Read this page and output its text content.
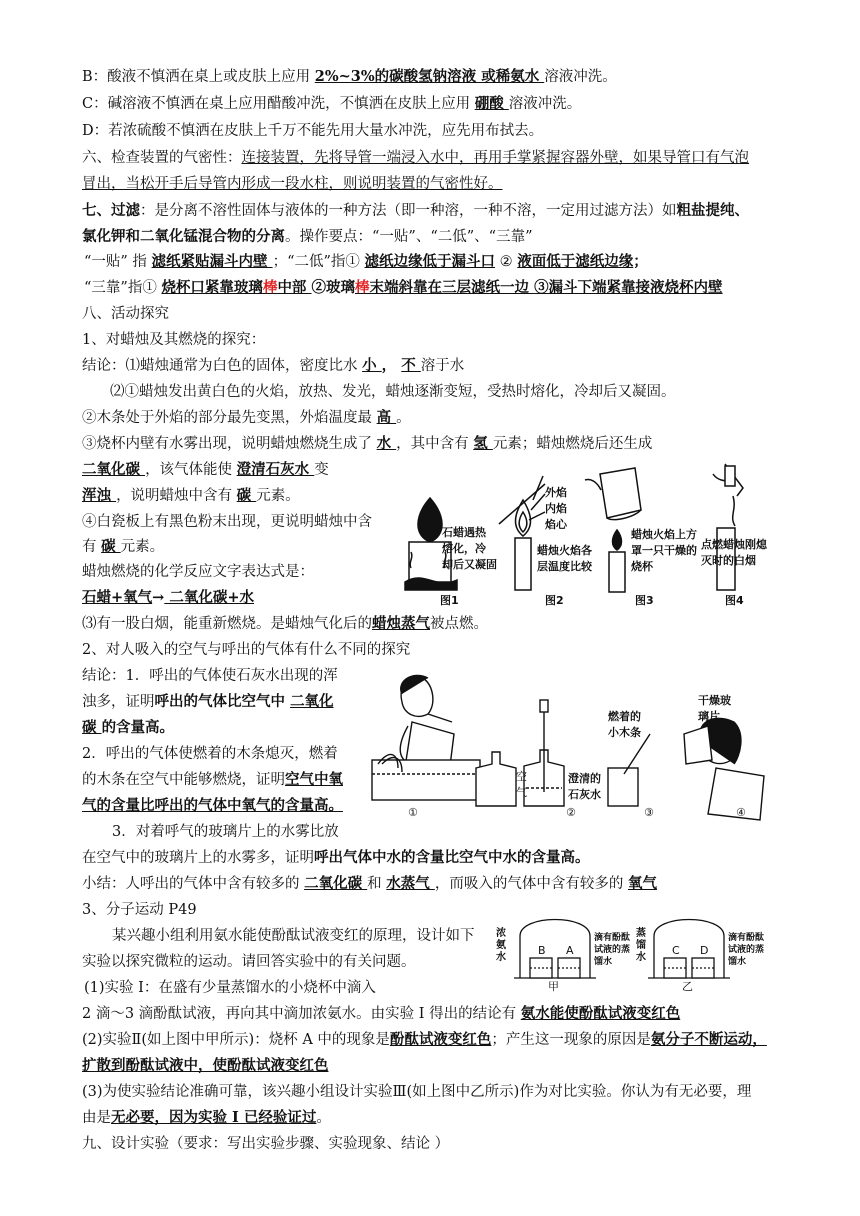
B：酸液不慎洒在桌上或皮肤上应用 2%~3%的碳酸氢钠溶液 或稀氨水 溶液冲洗。
C：碱溶液不慎洒在桌上应用醋酸冲洗，不慎洒在皮肤上应用 硼酸 溶液冲洗。
D：若浓硫酸不慎洒在皮肤上千万不能先用大量水冲洗，应先用布拭去。
六、检查装置的气密性：连接装置，先将导管一端浸入水中，再用手掌紧握容器外壁，如果导管口有气泡
冒出，当松开手后导管内形成一段水柱，则说明装置的气密性好。
七、过滤：是分离不溶性固体与液体的一种方法（即一种溶，一种不溶，一定用过滤方法）如粗盐提纯、
氯化钾和二氧化锰混合物的分离。操作要点：“一贴”、“二低”、“三靠”
“一贴” 指 滤纸紧贴漏斗内壁 ；“二低”指① 滤纸边缘低于漏斗口 ② 液面低于滤纸边缘；
“三靠”指① 烧杯口紧靠玻璃棒中部 ②玻璃棒末端斜靠在三层滤纸一边 ③漏斗下端紧靠接液烧杯内壁
八、活动探究
1、对蜡烛及其燃烧的探究：
结论：⑴蜡烛通常为白色的固体，密度比水 小 ， 不 溶于水
⑵①蜡烛发出黄白色的火焰，放热、发光，蜡烛逐渐变短，受热时熔化，冷却后又凝固。
②木条处于外焰的部分最先变黑，外焰温度最 高 。
③烧杯内壁有水雾出现，说明蜡烛燃烧生成了 水 ，其中含有 氢 元素；蜡烛燃烧后还生成
二氧化碳 ，该气体能使 澄清石灰水 变
浑浊 ，说明蜡烛中含有 碳 元素。
④白瓷板上有黑色粉末出现，更说明蜡烛中含
有 碳 元素。
蜡烛燃烧的化学反应文字表达式是：
石蜡+氧气→ 二氧化碳+水
⑶有一股白烟，能重新燃烧。是蜡烛气化后的蜡烛蒸气被点燃。
2、对人吸入的空气与呼出的气体有什么不同的探究
结论：1．呼出的气体使石灰水出现的浑
浊多，证明呼出的气体比空气中 二氧化
碳 的含量高。
2．呼出的气体使燃着的木条熄灭，燃着
的木条在空气中能够燃烧，证明空气中氧
气的含量比呼出的气体中氧气的含量高。
3．对着呼气的玻璃片上的水雾比放
在空气中的玻璃片上的水雾多，证明呼出气体中水的含量比空气中水的含量高。
小结：人呼出的气体中含有较多的 二氧化碳 和 水蒸气 ，而吸入的气体中含有较多的 氧气
3、分子运动 P49
某兴趣小组利用氨水能使酚酞试液变红的原理，设计如下
实验以探究微粒的运动。请回答实验中的有关问题。
(1)实验 I：在盛有少量蒸馏水的小烧杯中滴入
2 滴～3 滴酚酞试液，再向其中滴加浓氨水。由实验 I 得出的结论有 氨水能使酚酞试液变红色
(2)实验Ⅱ(如上图中甲所示)：烧杯 A 中的现象是酚酞试液变红色；产生这一现象的原因是氨分子不断运动，
扩散到酚酞试液中，使酚酞试液变红色
(3)为使实验结论准确可靠，该兴趣小组设计实验Ⅲ(如上图中乙所示)作为对比实验。你认为有无必要，理
由是无必要，因为实验 I 已经验证过。
九、设计实验（要求：写出实验步骤、实验现象、结论 ）
石蜡遇热
熔化，冷
却后又凝固
外焰
内焰
焰心
蜡烛火焰各
层温度比较
蜡烛火焰上方
罩一只干燥的
烧杯
点燃蜡烛刚熄
灭时的白烟
图1	图2	图3	图4
空
气
澄清的
石灰水
燃着的
小木条
干燥玻
璃片
①	②	③	④
B A	C D
浓
氨
水
滴有酚酞
试液的蒸
馏水
蒸
馏
水
滴有酚酞
试液的蒸
馏水
甲	乙
